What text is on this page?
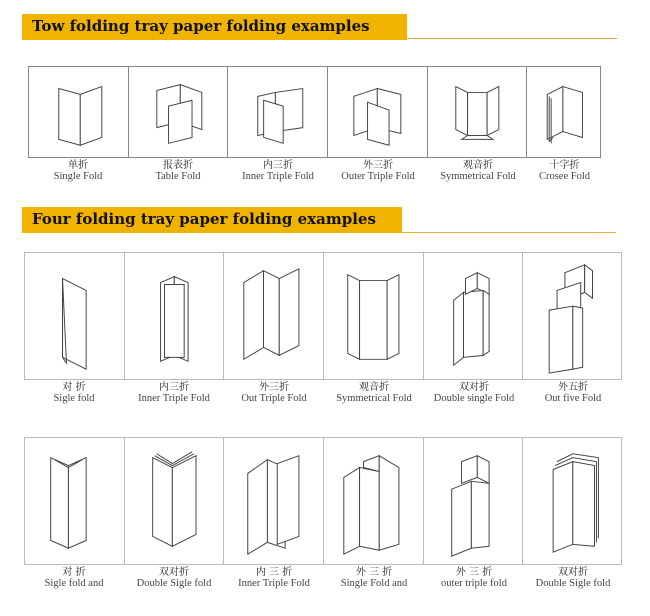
Tow folding tray paper folding examples
单折
Single Fold
报表折
Table Fold
内三折
Inner Triple Fold
外三折
Outer Triple Fold
观音折
Symmetrical Fold
十字折
Crosee Fold
Four folding tray paper folding examples
对 折
Sigle fold
内三折
Inner Triple Fold
外三折
Out Triple Fold
观音折
Symmetrical Fold
双对折
Double single Fold
外五折
Out five Fold
对 折
Sigle fold and
双对折
Double Sigle fold
内 三 折
Inner Triple Fold
外 三 折
Single Fold and
外 三 折
outer triple fold
双对折
Double Sigle fold
